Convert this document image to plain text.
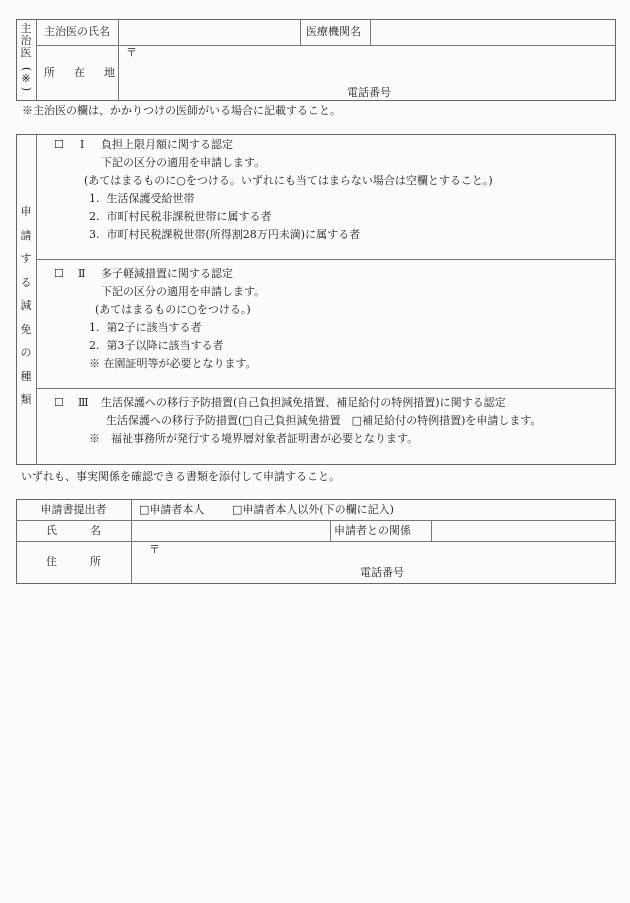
主
治
医
(
※
)
主治医の氏名	医療機関名
所　在　地
〒
電話番号
※主治医の欄は、かかりつけの医師がいる場合に記載すること。
申
請
す
る
減
免
の
種
類
☐ Ⅰ 負担上限月額に関する認定
下記の区分の適用を申請します。
(あてはまるものに○をつける。いずれにも当てはまらない場合は空欄とすること。)
1.  生活保護受給世帯
2.  市町村民税非課税世帯に属する者
3.  市町村民税課税世帯(所得割28万円未満)に属する者
☐ Ⅱ 多子軽減措置に関する認定
下記の区分の適用を申請します。
(あてはまるものに○をつける。)
1.  第2子に該当する者
2.  第3子以降に該当する者
※ 在園証明等が必要となります。
☐ Ⅲ 生活保護への移行予防措置(自己負担減免措置、補足給付の特例措置)に関する認定
生活保護への移行予防措置(□自己負担減免措置　□補足給付の特例措置)を申請します。
※　福祉事務所が発行する境界層対象者証明書が必要となります。
いずれも、事実関係を確認できる書類を添付して申請すること。
申請書提出者	□申請者本人	□申請者本人以外(下の欄に記入)
氏　　　名	申請者との関係
住　　　所
〒
電話番号
